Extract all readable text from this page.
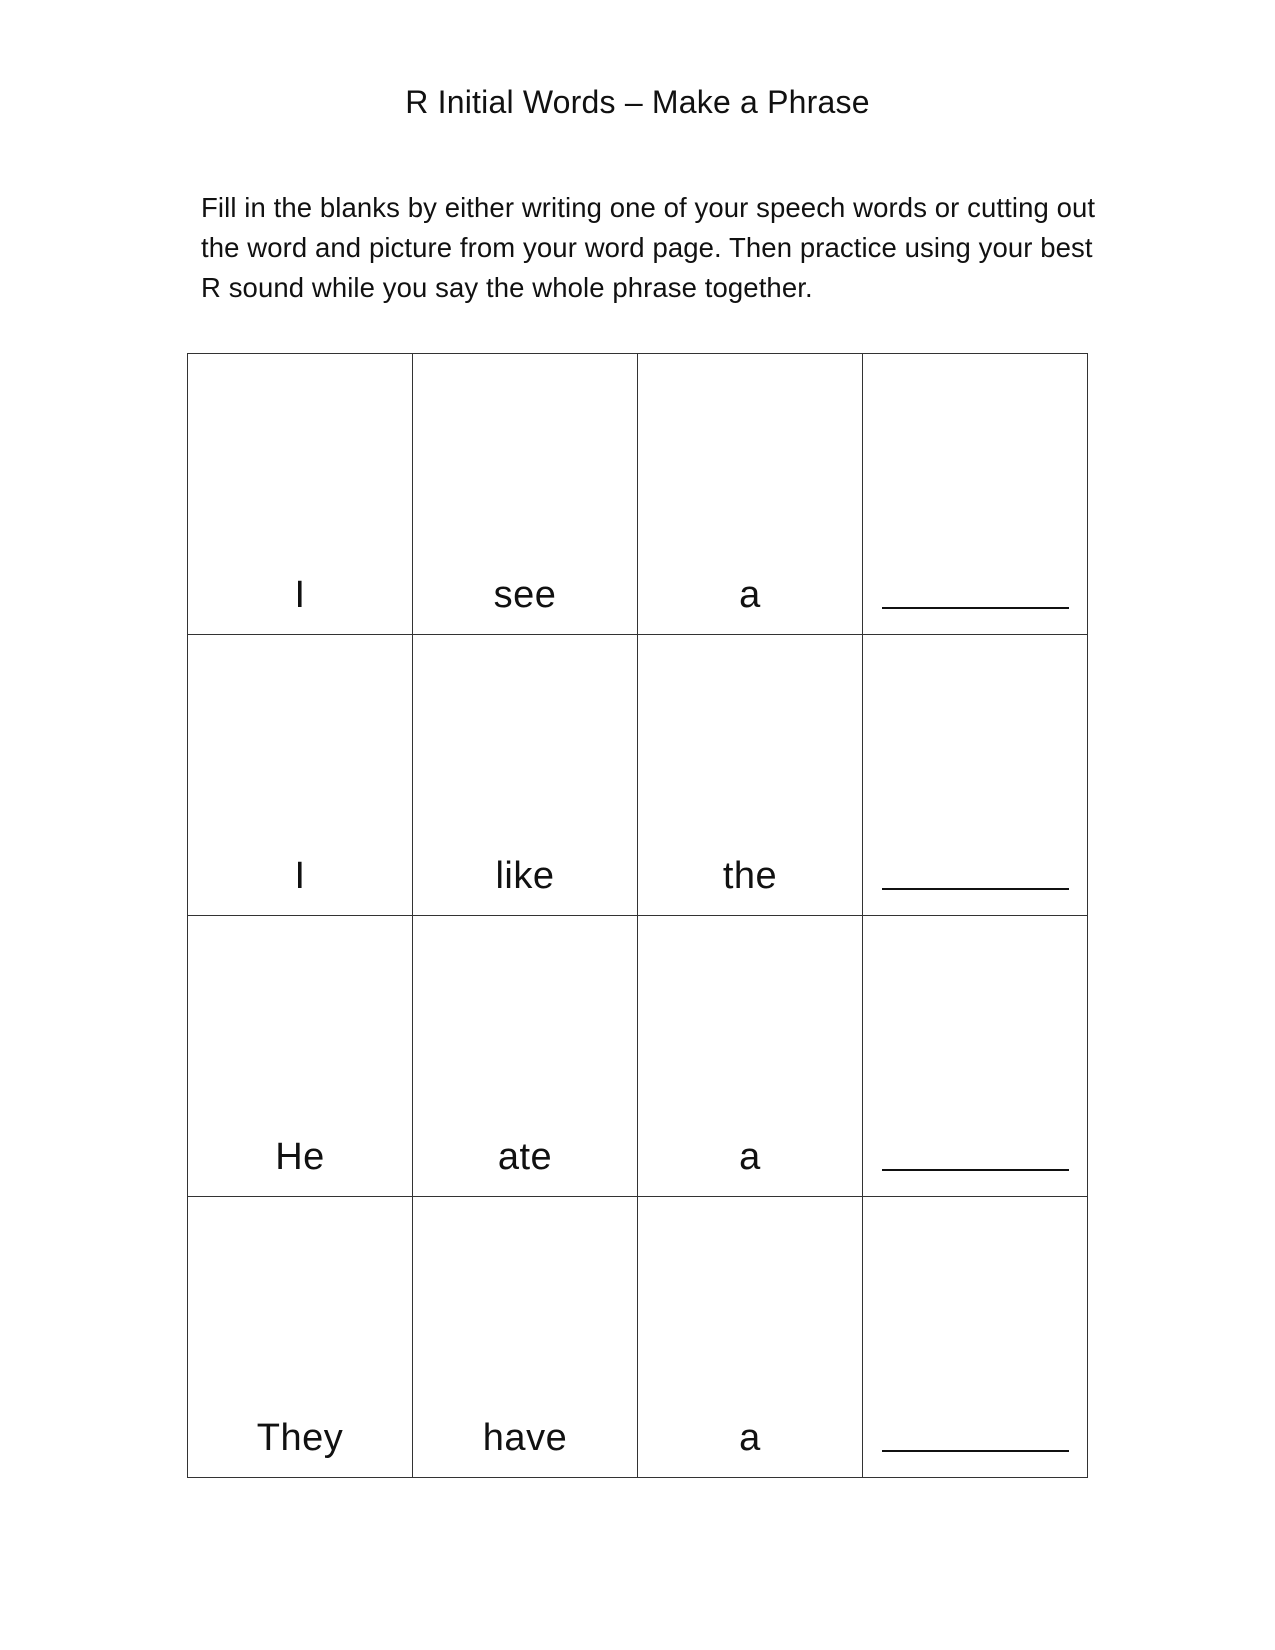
R Initial Words – Make a Phrase
Fill in the blanks by either writing one of your speech words or cutting out the word and picture from your word page. Then practice using your best R sound while you say the whole phrase together.
I	see	a	

I	like	the	

He	ate	a	

They	have	a	
